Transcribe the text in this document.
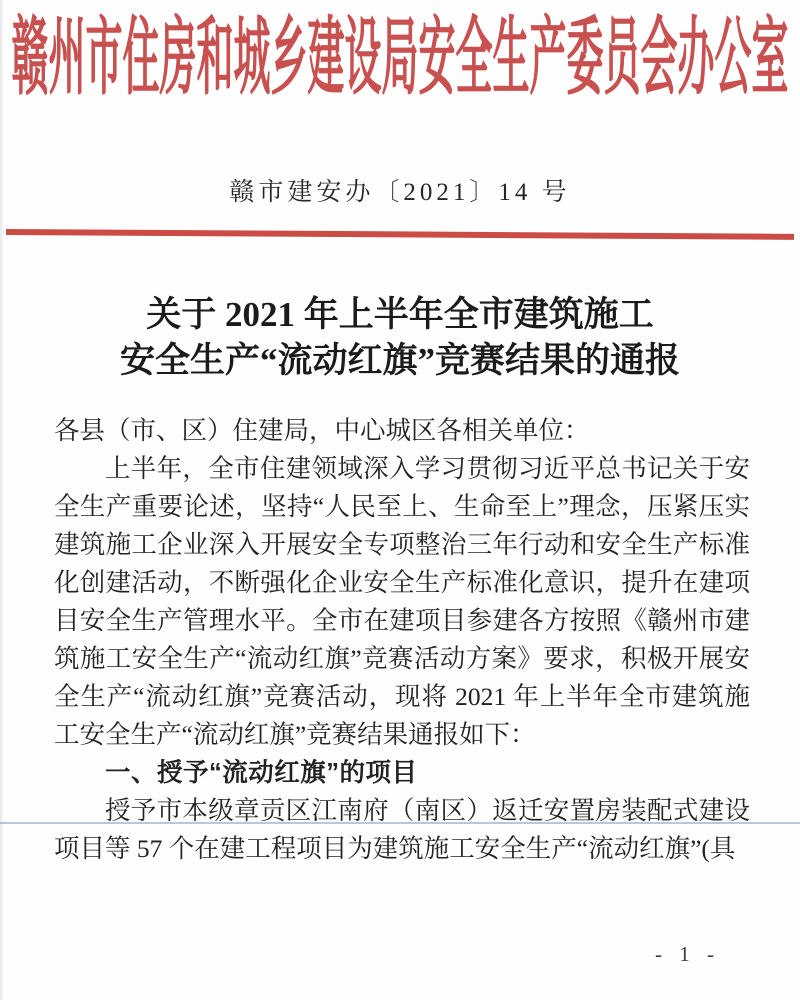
赣州市住房和城乡建设局安全生产委员会办公室
赣市建安办〔2021〕14 号
关于 2021 年上半年全市建筑施工
安全生产“流动红旗”竞赛结果的通报

各县（市、区）住建局，中心城区各相关单位：

上半年，全市住建领域深入学习贯彻习近平总书记关于安全生产重要论述，坚持“人民至上、生命至上”理念，压紧压实建筑施工企业深入开展安全专项整治三年行动和安全生产标准化创建活动，不断强化企业安全生产标准化意识，提升在建项目安全生产管理水平。全市在建项目参建各方按照《赣州市建筑施工安全生产“流动红旗”竞赛活动方案》要求，积极开展安全生产“流动红旗”竞赛活动，现将 2021 年上半年全市建筑施工安全生产“流动红旗”竞赛结果通报如下：

一、授予“流动红旗”的项目

授予市本级章贡区江南府（南区）返迁安置房装配式建设项目等 57 个在建工程项目为建筑施工安全生产“流动红旗”(具

- 1 -
